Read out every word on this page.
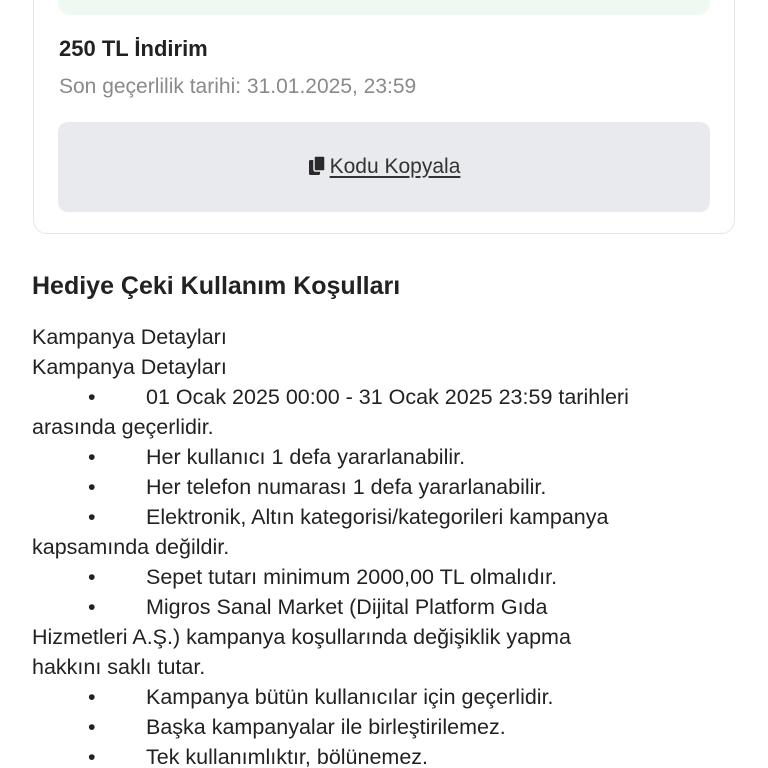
250 TL İndirim
Son geçerlilik tarihi: 31.01.2025, 23:59
Kodu Kopyala
Hediye Çeki Kullanım Koşulları
Kampanya Detayları
Kampanya Detayları
• 01 Ocak 2025 00:00 - 31 Ocak 2025 23:59 tarihleri
arasında geçerlidir.
• Her kullanıcı 1 defa yararlanabilir.
• Her telefon numarası 1 defa yararlanabilir.
• Elektronik, Altın kategorisi/kategorileri kampanya
kapsamında değildir.
• Sepet tutarı minimum 2000,00 TL olmalıdır.
• Migros Sanal Market (Dijital Platform Gıda
Hizmetleri A.Ş.) kampanya koşullarında değişiklik yapma
hakkını saklı tutar.
• Kampanya bütün kullanıcılar için geçerlidir.
• Başka kampanyalar ile birleştirilemez.
• Tek kullanımlıktır, bölünemez.
